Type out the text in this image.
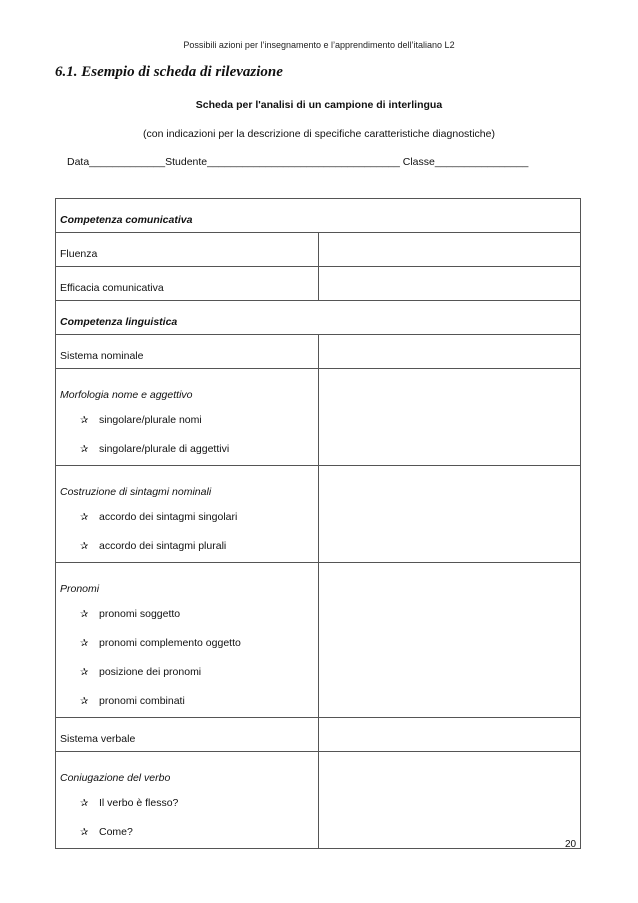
Possibili azioni per l’insegnamento e l’apprendimento dell’italiano L2
6.1. Esempio di scheda di rilevazione
Scheda per l'analisi di un campione di interlingua
(con indicazioni per la descrizione di specifiche caratteristiche diagnostiche)
Data_____________Studente_________________________________ Classe________________
Competenza comunicativa	
Fluenza	
Efficacia comunicativa	
Competenza linguistica	
Sistema nominale	

Morfologia nome e aggettivo
✰ singolare/plurale nomi
✰ singolare/plurale di aggettivi	

Costruzione di sintagmi nominali
✰ accordo dei sintagmi singolari
✰ accordo dei sintagmi plurali	

Pronomi
✰ pronomi soggetto
✰ pronomi complemento oggetto
✰ posizione dei pronomi
✰ pronomi combinati	

Sistema verbale	

Coniugazione del verbo
✰ Il verbo è flesso?
✰ Come?	

20
